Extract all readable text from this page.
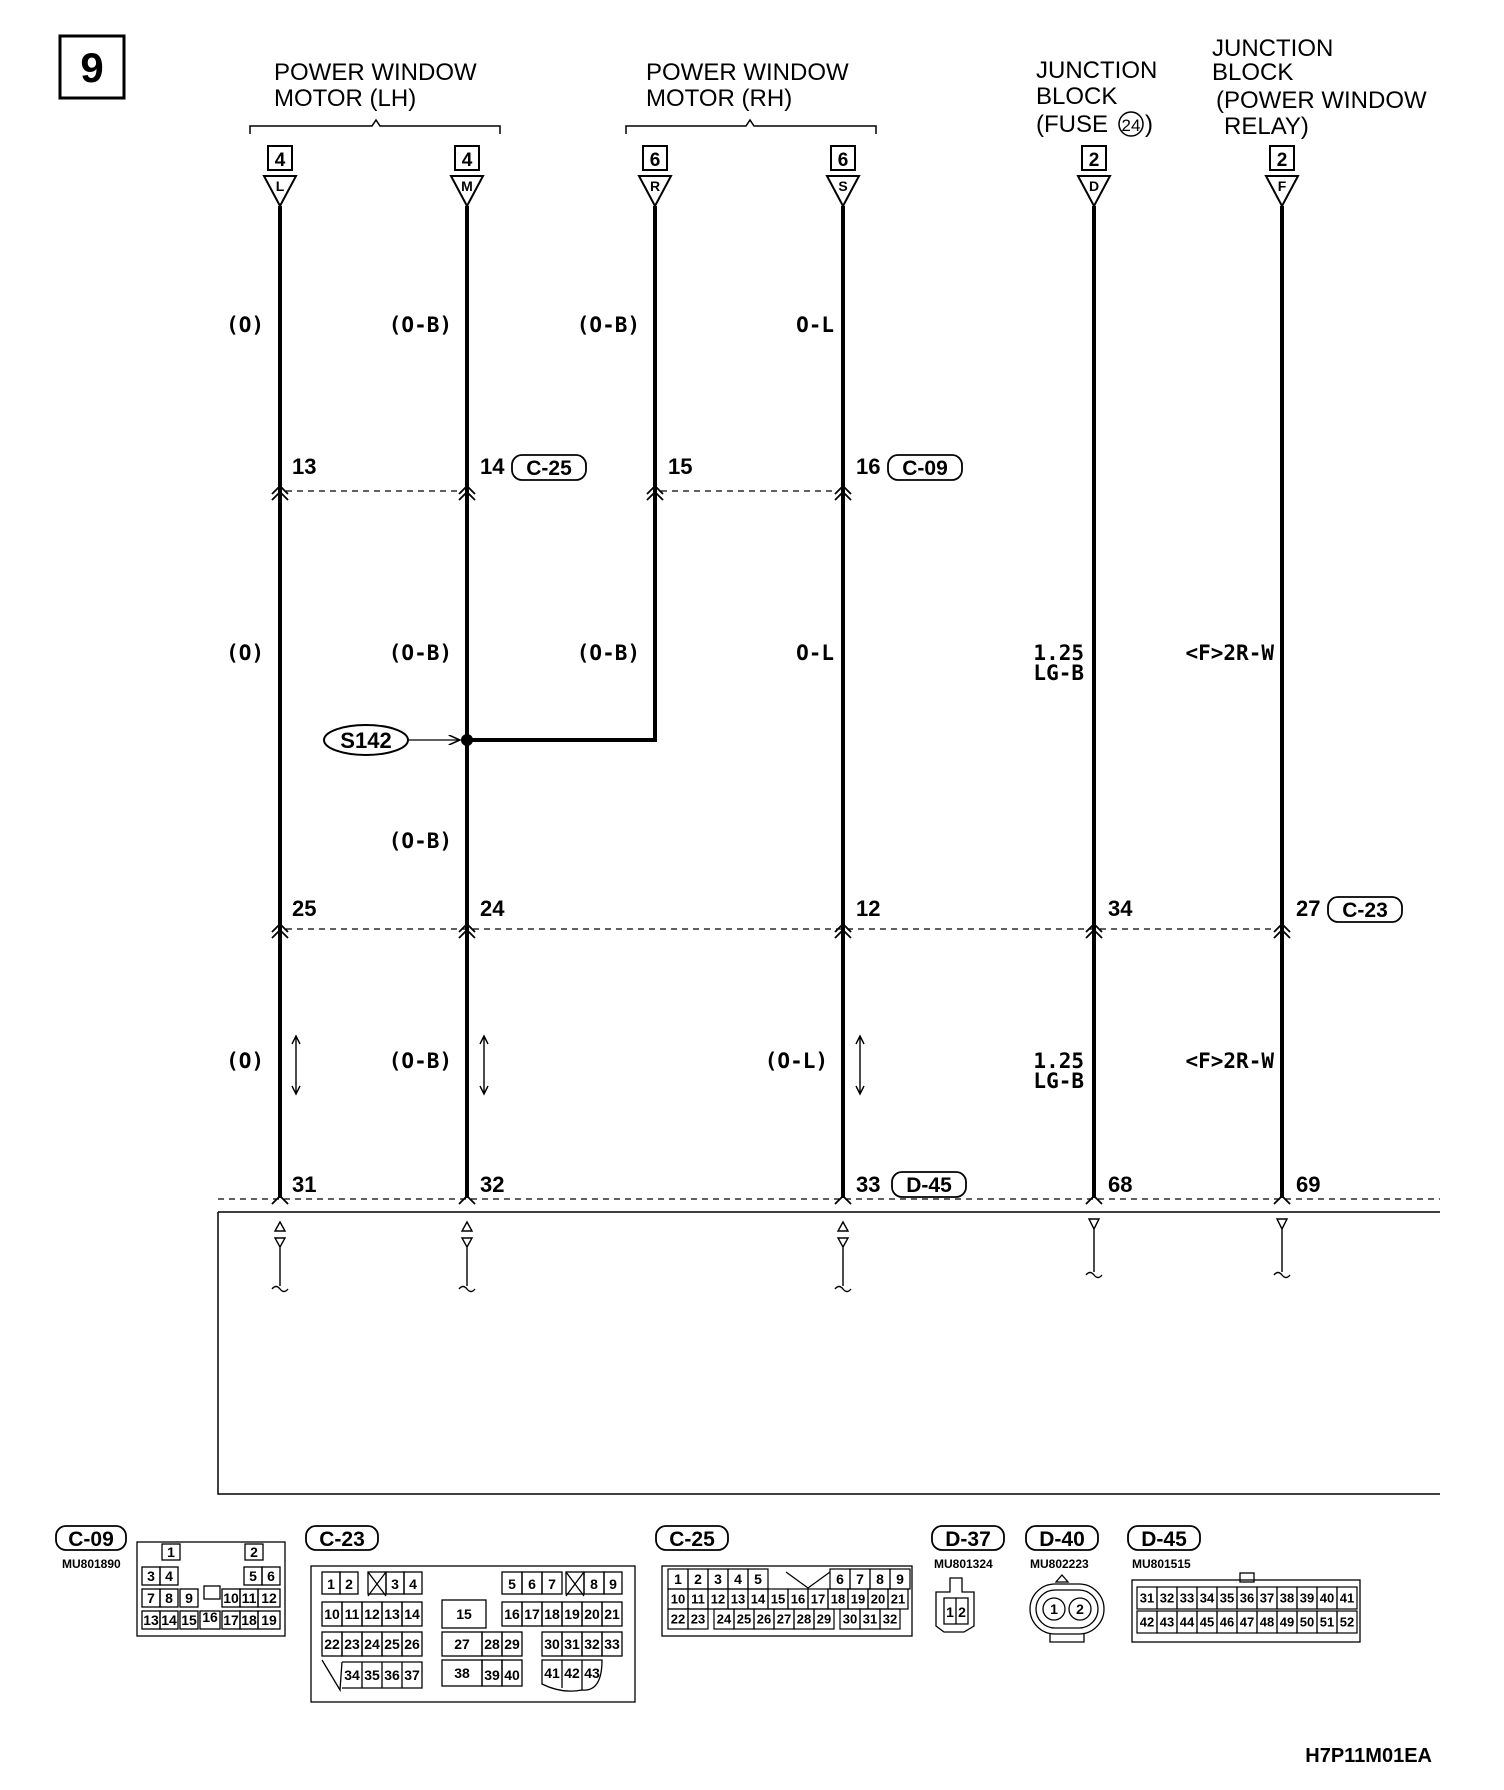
9	POWER WINDOW
MOTOR (LH)
POWER WINDOW
MOTOR (RH)
JUNCTION
BLOCK
(FUSE 24 )
JUNCTION
BLOCK
(POWER WINDOW
RELAY)
4
L
4
M
6
R
6
S
2
D
2
F
(O)	(O-B)	(O-B)	O-L
13	14 C-25	15	16 C-09
(O)	(O-B)	(O-B)	O-L	1.25
LG-B
<F>2R-W
S142
(O-B)
25	24	12	34	27 C-23
(O)	(O-B)	(O-L)	1.25
LG-B
<F>2R-W
31	32	33 D-45	68	69
C-09
MU801890
1	2
3 4	5 6
7 8 9 10 11 12
13 14 15 16 17 18 19
C-23
1 2	3 4	5 6 7 8 9
10 11 12 13 14	15 16 17 18 19 20 21
22 23 24 25 26 27 28 29 30 31 32 33
34 35 36 37 38 39 40 41 42 43
C-25
1 2 3 4 5	6 7 8 9
10 11 12 13 14 15 16 17 18 19 20 21
22 23 24 25 26 27 28 29 30 31 32
D-37
MU801324
1 2
D-40
MU802223
1 2
D-45
MU801515
31 32 33 34 35 36 37 38 39 40 41
42 43 44 45 46 47 48 49 50 51 52
H7P11M01EA
